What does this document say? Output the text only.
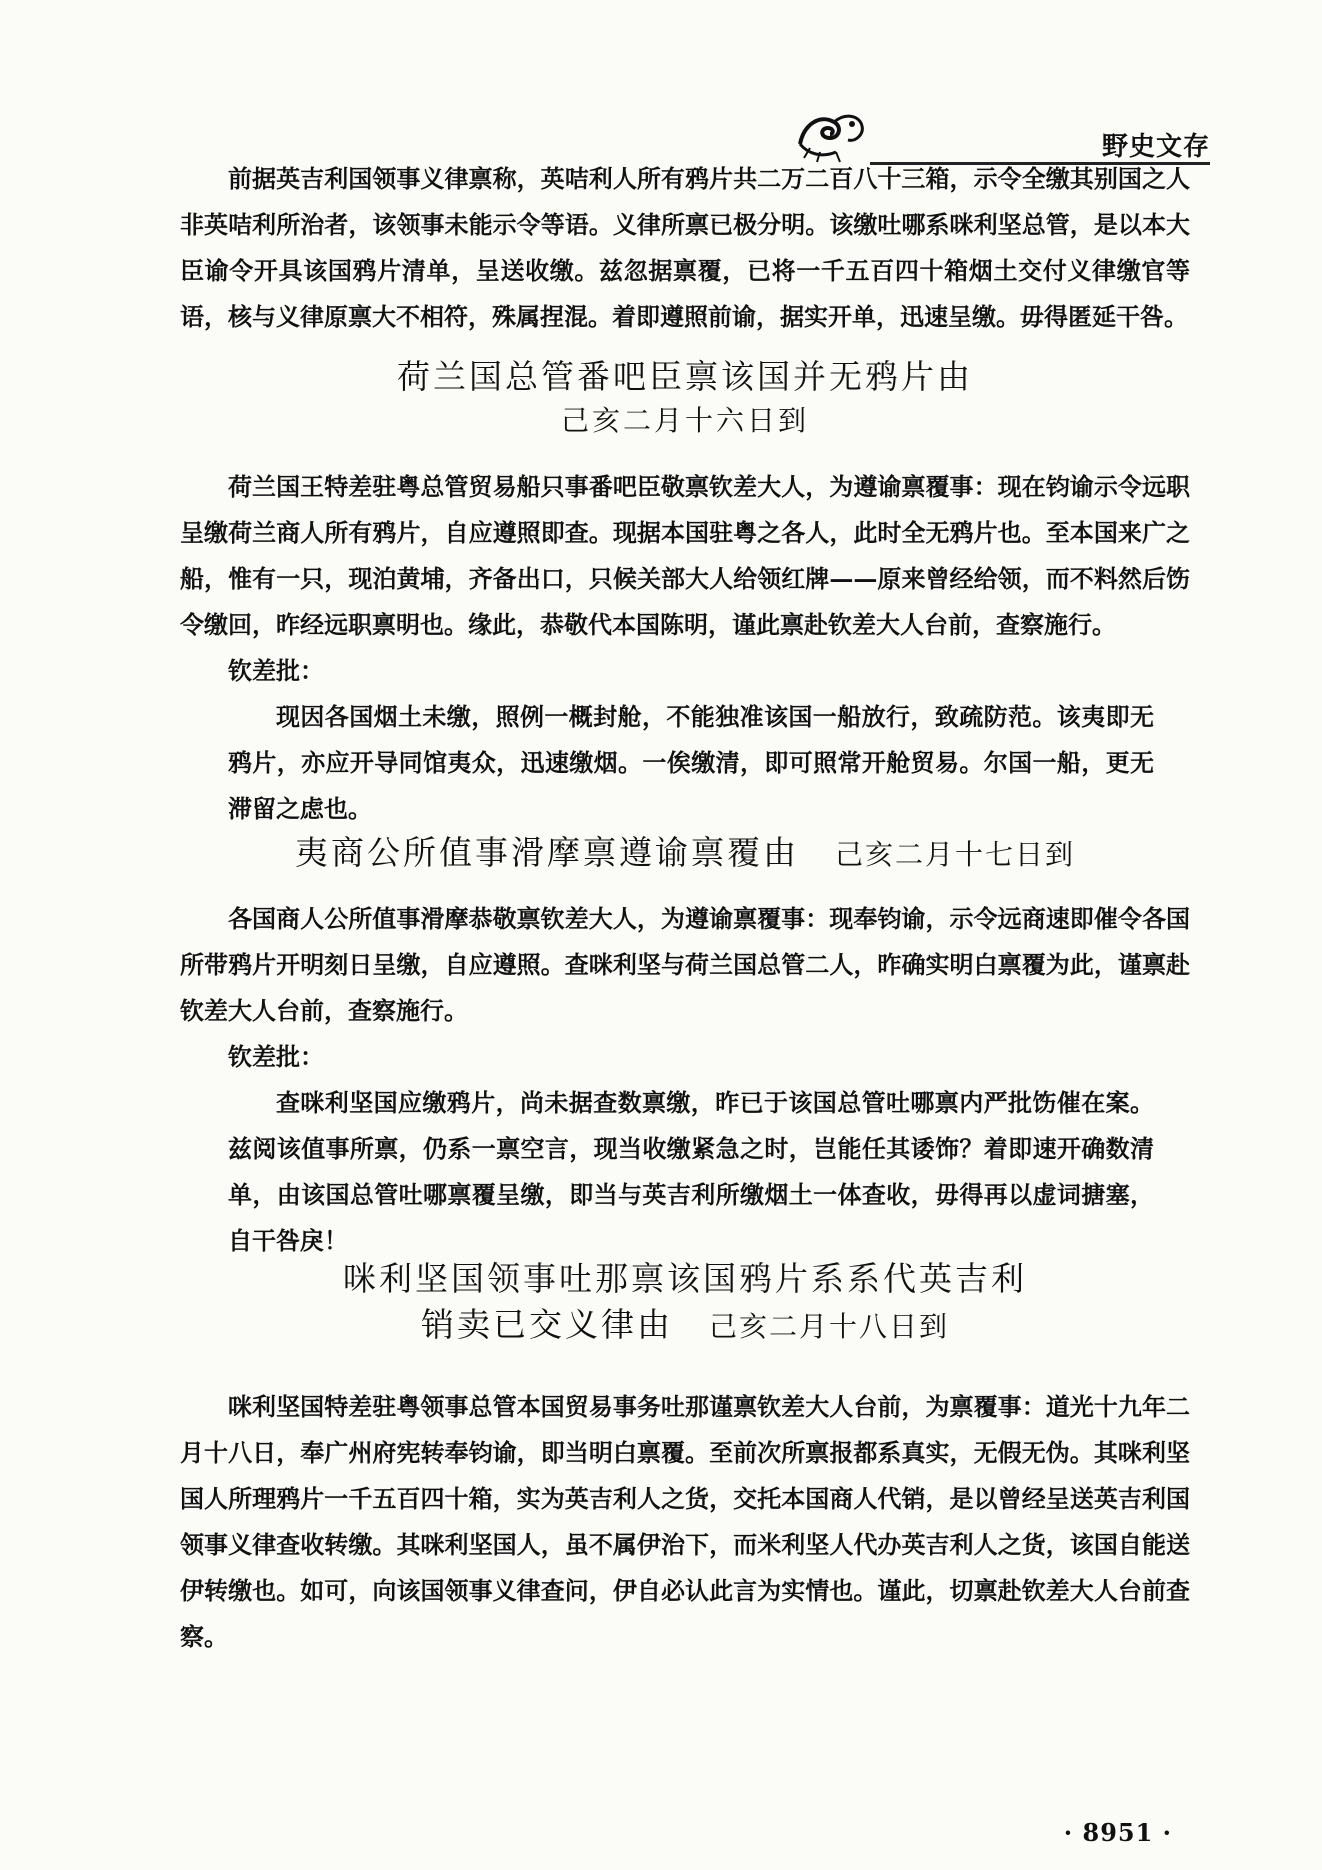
野史文存

前据英吉利国领事义律禀称，英咭利人所有鸦片共二万二百八十三箱，示令全缴其别国之人非英咭利所治者，该领事未能示令等语。义律所禀已极分明。该缴吐哪系咪利坚总管，是以本大臣谕令开具该国鸦片清单，呈送收缴。兹忽据禀覆，已将一千五百四十箱烟土交付义律缴官等语，核与义律原禀大不相符，殊属捏混。着即遵照前谕，据实开单，迅速呈缴。毋得匿延干咎。

荷兰国总管番吧臣禀该国并无鸦片由
己亥二月十六日到

荷兰国王特差驻粤总管贸易船只事番吧臣敬禀钦差大人，为遵谕禀覆事：现在钧谕示令远职呈缴荷兰商人所有鸦片，自应遵照即查。现据本国驻粤之各人，此时全无鸦片也。至本国来广之船，惟有一只，现泊黄埔，齐备出口，只候关部大人给领红牌——原来曾经给领，而不料然后饬令缴回，昨经远职禀明也。缘此，恭敬代本国陈明，谨此禀赴钦差大人台前，查察施行。

钦差批：

现因各国烟土未缴，照例一概封舱，不能独准该国一船放行，致疏防范。该夷即无鸦片，亦应开导同馆夷众，迅速缴烟。一俟缴清，即可照常开舱贸易。尔国一船，更无滞留之虑也。

夷商公所值事滑摩禀遵谕禀覆由 己亥二月十七日到

各国商人公所值事滑摩恭敬禀钦差大人，为遵谕禀覆事：现奉钧谕，示令远商速即催令各国所带鸦片开明刻日呈缴，自应遵照。查咪利坚与荷兰国总管二人，昨确实明白禀覆为此，谨禀赴钦差大人台前，查察施行。

钦差批：

查咪利坚国应缴鸦片，尚未据查数禀缴，昨已于该国总管吐哪禀内严批饬催在案。兹阅该值事所禀，仍系一禀空言，现当收缴紧急之时，岂能任其诿饰？着即速开确数清单，由该国总管吐哪禀覆呈缴，即当与英吉利所缴烟土一体查收，毋得再以虚词搪塞，自干咎戾！

咪利坚国领事吐那禀该国鸦片系系代英吉利
销卖已交义律由 己亥二月十八日到

咪利坚国特差驻粤领事总管本国贸易事务吐那谨禀钦差大人台前，为禀覆事：道光十九年二月十八日，奉广州府宪转奉钧谕，即当明白禀覆。至前次所禀报都系真实，无假无伪。其咪利坚国人所理鸦片一千五百四十箱，实为英吉利人之货，交托本国商人代销，是以曾经呈送英吉利国领事义律查收转缴。其咪利坚国人，虽不属伊治下，而米利坚人代办英吉利人之货，该国自能送伊转缴也。如可，向该国领事义律查问，伊自必认此言为实情也。谨此，切禀赴钦差大人台前查察。

· 8951 ·
